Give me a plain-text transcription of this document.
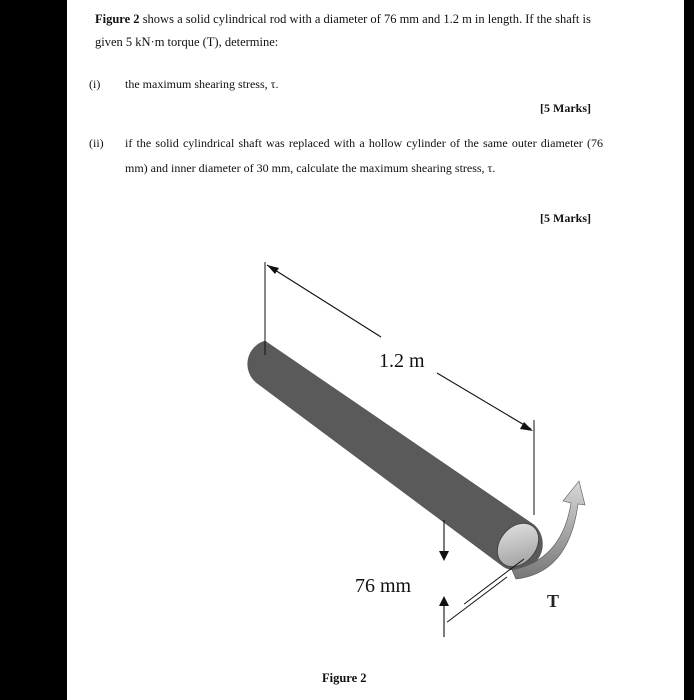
Figure 2 shows a solid cylindrical rod with a diameter of 76 mm and 1.2 m in length. If the shaft is given 5 kN·m torque (T), determine:
(i) the maximum shearing stress, τ.
[5 Marks]
(ii) if the solid cylindrical shaft was replaced with a hollow cylinder of the same outer diameter (76 mm) and inner diameter of 30 mm, calculate the maximum shearing stress, τ.
[5 Marks]
1.2 m
76 mm
T
Figure 2
